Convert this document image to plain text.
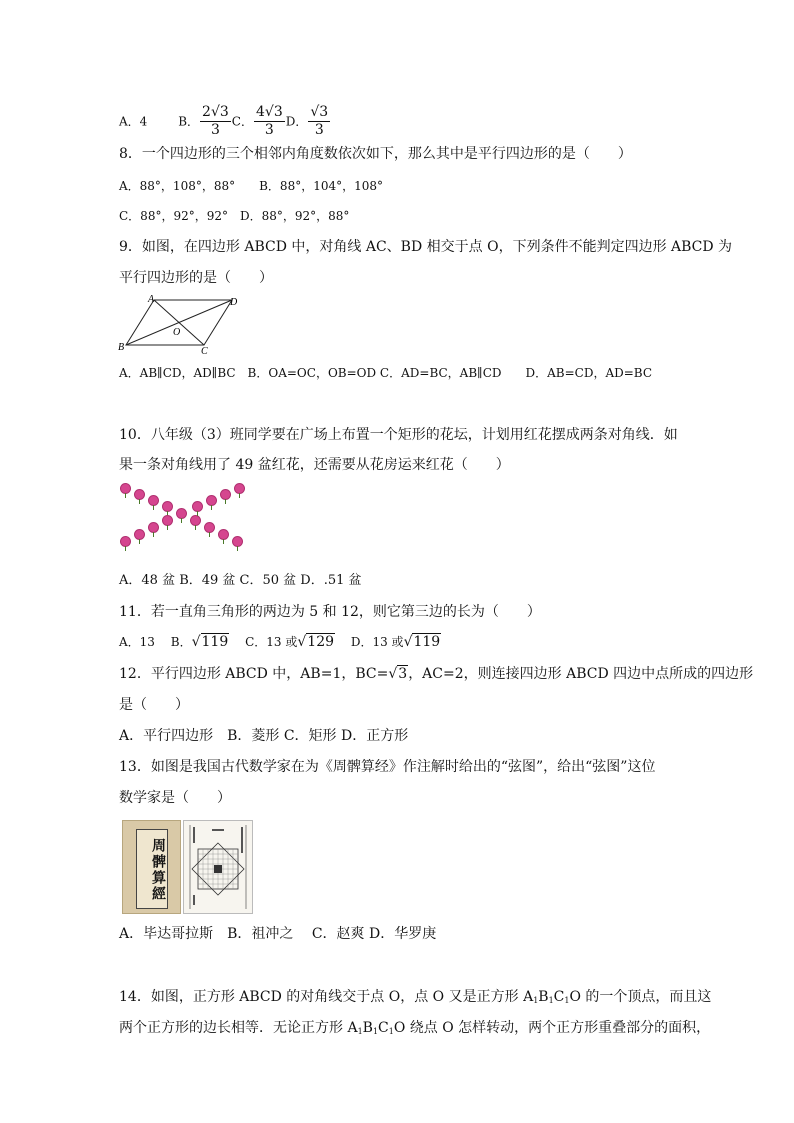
A．4	B． $\frac{2√3}{3}$ C． $\frac{4√3}{3}$ D． $\frac{√3}{3}$
8．一个四边形的三个相邻内角度数依次如下，那么其中是平行四边形的是（　　）
A．88°，108°，88°　　B．88°，104°，108°
C．88°，92°，92°　D．88°，92°，88°
9．如图，在四边形 ABCD 中，对角线 AC、BD 相交于点 O，下列条件不能判定四边形 ABCD 为
平行四边形的是（　　）
A	D
B	C
O
A．AB∥CD，AD∥BC　B．OA=OC，OB=OD C．AD=BC，AB∥CD　　D．AB=CD，AD=BC
10．八年级（3）班同学要在广场上布置一个矩形的花坛，计划用红花摆成两条对角线．如
果一条对角线用了 49 盆红花，还需要从花房运来红花（　　）
A．48 盆 B．49 盆 C．50 盆 D．.51 盆
11．若一直角三角形的两边为 5 和 12，则它第三边的长为（　　）
A．13　 B．√119　 C．13 或√129　 D．13 或√119
12．平行四边形 ABCD 中，AB=1，BC=√3，AC=2，则连接四边形 ABCD 四边中点所成的四边形
是（　　）
A．平行四边形　B．菱形 C．矩形 D．正方形
13．如图是我国古代数学家在为《周髀算经》作注解时给出的“弦图”，给出“弦图”这位
数学家是（　　）
周髀算經
A．毕达哥拉斯　B．祖冲之　 C．赵爽 D．华罗庚
14．如图，正方形 ABCD 的对角线交于点 O，点 O 又是正方形 $A_1B_1C_1O$ 的一个顶点，而且这
两个正方形的边长相等．无论正方形 $A_1B_1C_1O$ 绕点 O 怎样转动，两个正方形重叠部分的面积，
